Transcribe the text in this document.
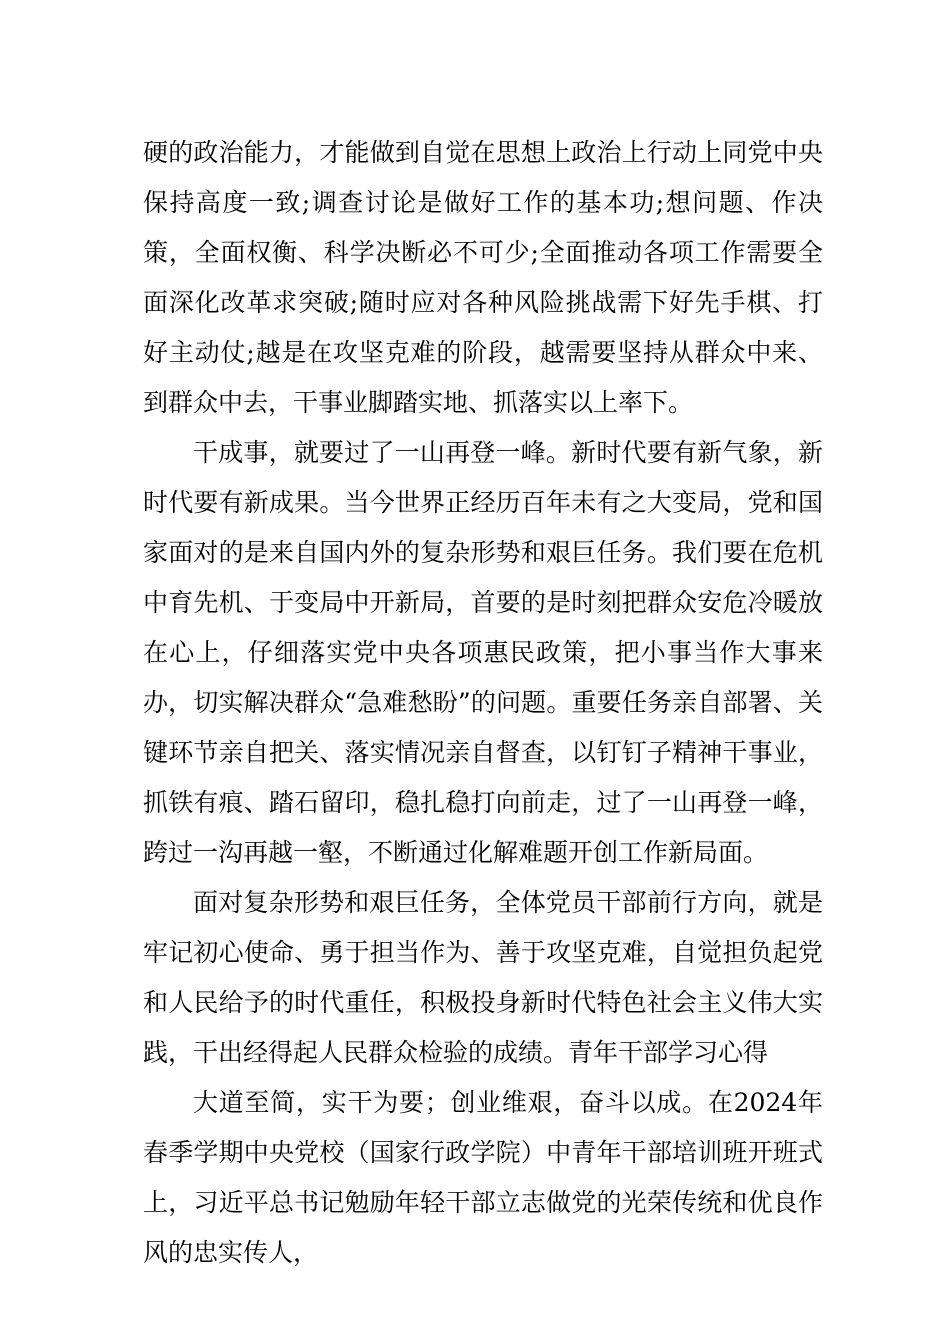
硬的政治能力，才能做到自觉在思想上政治上行动上同党中央保持高度一致;调查讨论是做好工作的基本功;想问题、作决策，全面权衡、科学决断必不可少;全面推动各项工作需要全面深化改革求突破;随时应对各种风险挑战需下好先手棋、打好主动仗;越是在攻坚克难的阶段，越需要坚持从群众中来、到群众中去，干事业脚踏实地、抓落实以上率下。

干成事，就要过了一山再登一峰。新时代要有新气象，新时代要有新成果。当今世界正经历百年未有之大变局，党和国家面对的是来自国内外的复杂形势和艰巨任务。我们要在危机中育先机、于变局中开新局，首要的是时刻把群众安危冷暖放在心上，仔细落实党中央各项惠民政策，把小事当作大事来办，切实解决群众“急难愁盼”的问题。重要任务亲自部署、关键环节亲自把关、落实情况亲自督查，以钉钉子精神干事业，抓铁有痕、踏石留印，稳扎稳打向前走，过了一山再登一峰，跨过一沟再越一壑，不断通过化解难题开创工作新局面。

面对复杂形势和艰巨任务，全体党员干部前行方向，就是牢记初心使命、勇于担当作为、善于攻坚克难，自觉担负起党和人民给予的时代重任，积极投身新时代特色社会主义伟大实践，干出经得起人民群众检验的成绩。青年干部学习心得

大道至简，实干为要；创业维艰，奋斗以成。在2024年春季学期中央党校（国家行政学院）中青年干部培训班开班式上，习近平总书记勉励年轻干部立志做党的光荣传统和优良作风的忠实传人，
